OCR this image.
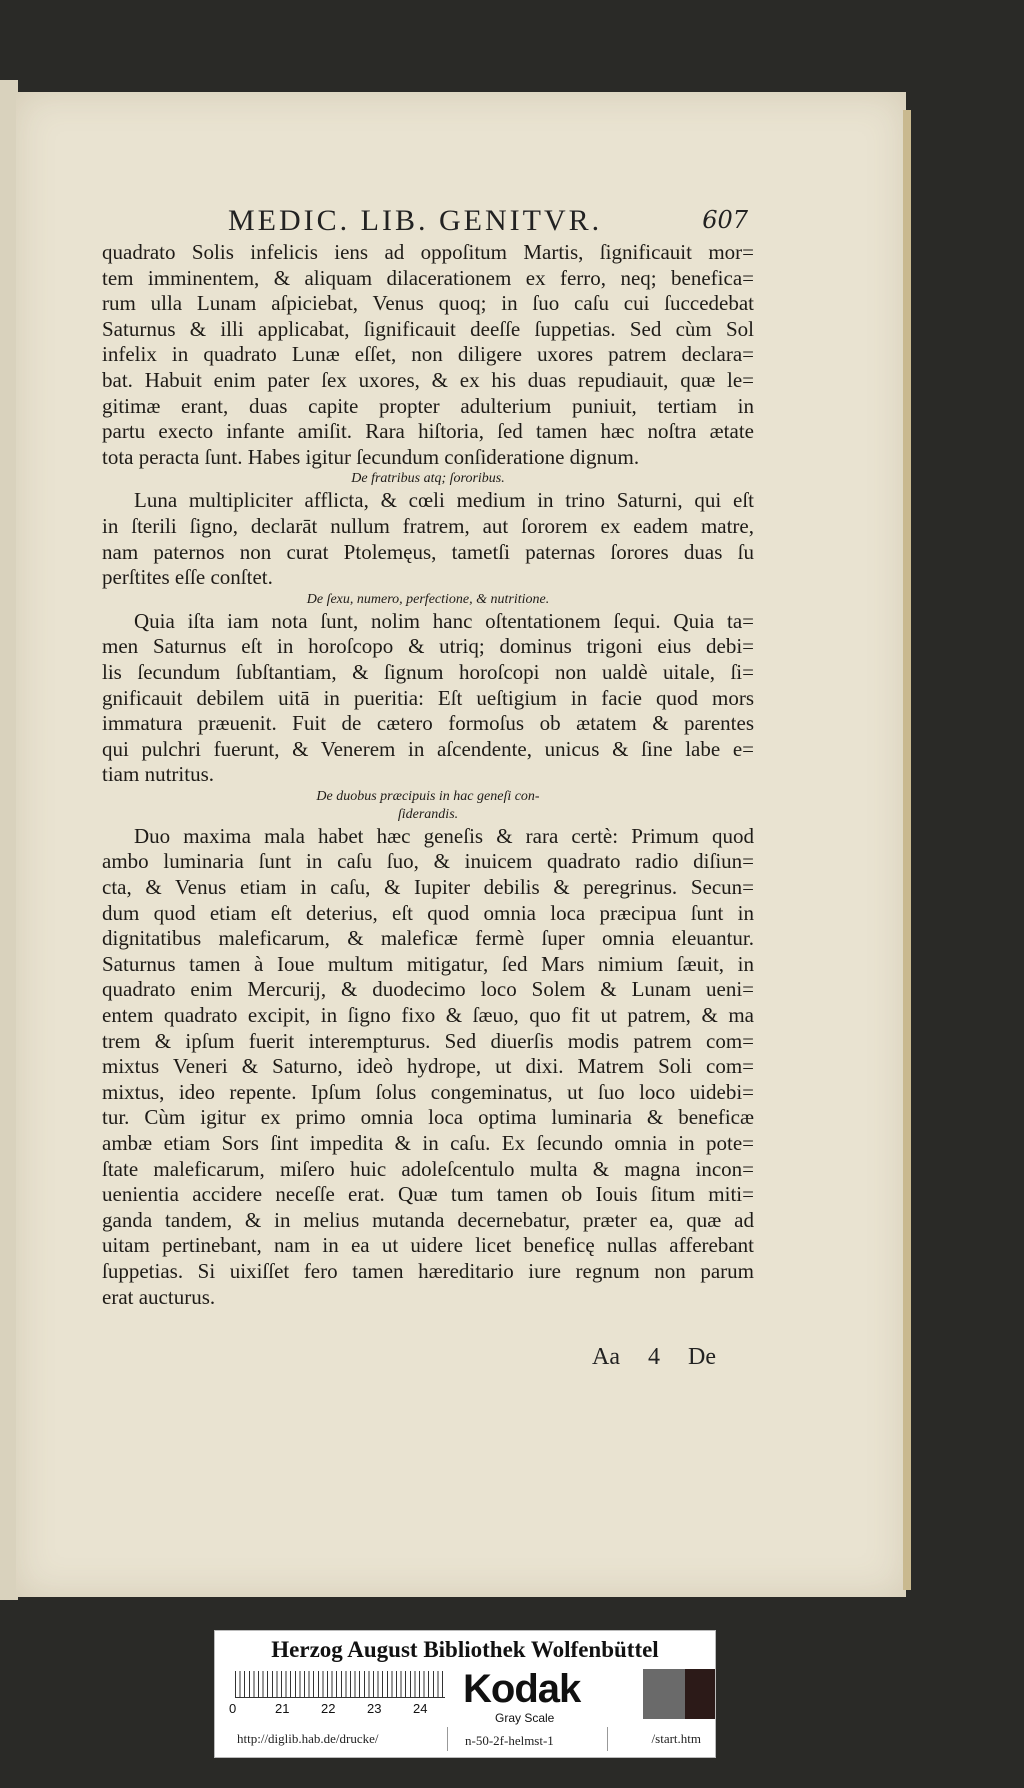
MEDIC. LIB. GENITVR.	607
quadrato Solis infelicis iens ad oppoſitum Martis, ſignificauit mor=
tem imminentem, & aliquam dilacerationem ex ferro, neq; benefica=
rum ulla Lunam aſpiciebat, Venus quoq; in ſuo caſu cui ſuccedebat
Saturnus & illi applicabat, ſignificauit deeſſe ſuppetias. Sed cùm Sol
infelix in quadrato Lunæ eſſet, non diligere uxores patrem declara=
bat. Habuit enim pater ſex uxores, & ex his duas repudiauit, quæ le=
gitimæ erant, duas capite propter adulterium puniuit, tertiam in
partu execto infante amiſit. Rara hiſtoria, ſed tamen hæc noſtra ætate
tota peracta ſunt. Habes igitur ſecundum conſideratione dignum.
De fratribus atq; ſororibus.
Luna multipliciter afflicta, & cœli medium in trino Saturni, qui eſt
in ſterili ſigno, declarāt nullum fratrem, aut ſororem ex eadem matre,
nam paternos non curat Ptolemęus, tametſi paternas ſorores duas ſu
perſtites eſſe conſtet.
De ſexu, numero, perfectione, & nutritione.
Quia iſta iam nota ſunt, nolim hanc oſtentationem ſequi. Quia ta=
men Saturnus eſt in horoſcopo & utriq; dominus trigoni eius debi=
lis ſecundum ſubſtantiam, & ſignum horoſcopi non ualdè uitale, ſi=
gnificauit debilem uitā in pueritia: Eſt ueſtigium in facie quod mors
immatura præuenit. Fuit de cætero formoſus ob ætatem & parentes
qui pulchri fuerunt, & Venerem in aſcendente, unicus & ſine labe e=
tiam nutritus.
De duobus præcipuis in hac geneſi con-
ſiderandis.
Duo maxima mala habet hæc geneſis & rara certè: Primum quod
ambo luminaria ſunt in caſu ſuo, & inuicem quadrato radio diſiun=
cta, & Venus etiam in caſu, & Iupiter debilis & peregrinus. Secun=
dum quod etiam eſt deterius, eſt quod omnia loca præcipua ſunt in
dignitatibus maleficarum, & maleficæ fermè ſuper omnia eleuantur.
Saturnus tamen à Ioue multum mitigatur, ſed Mars nimium ſæuit, in
quadrato enim Mercurij, & duodecimo loco Solem & Lunam ueni=
entem quadrato excipit, in ſigno fixo & ſæuo, quo fit ut patrem, & ma
trem & ipſum fuerit interempturus. Sed diuerſis modis patrem com=
mixtus Veneri & Saturno, ideò hydrope, ut dixi. Matrem Soli com=
mixtus, ideo repente. Ipſum ſolus congeminatus, ut ſuo loco uidebi=
tur. Cùm igitur ex primo omnia loca optima luminaria & beneficæ
ambæ etiam Sors ſint impedita & in caſu. Ex ſecundo omnia in pote=
ſtate maleficarum, miſero huic adoleſcentulo multa & magna incon=
uenientia accidere neceſſe erat. Quæ tum tamen ob Iouis ſitum miti=
ganda tandem, & in melius mutanda decernebatur, præter ea, quæ ad
uitam pertinebant, nam in ea ut uidere licet beneficę nullas afferebant
ſuppetias. Si uixiſſet fero tamen hæreditario iure regnum non parum
erat aucturus.
Aa 4 De
Herzog August Bibliothek Wolfenbüttel
0	21 22 23 24 Kodak
Gray Scale
http://diglib.hab.de/drucke/	n-50-2f-helmst-1	/start.htm
